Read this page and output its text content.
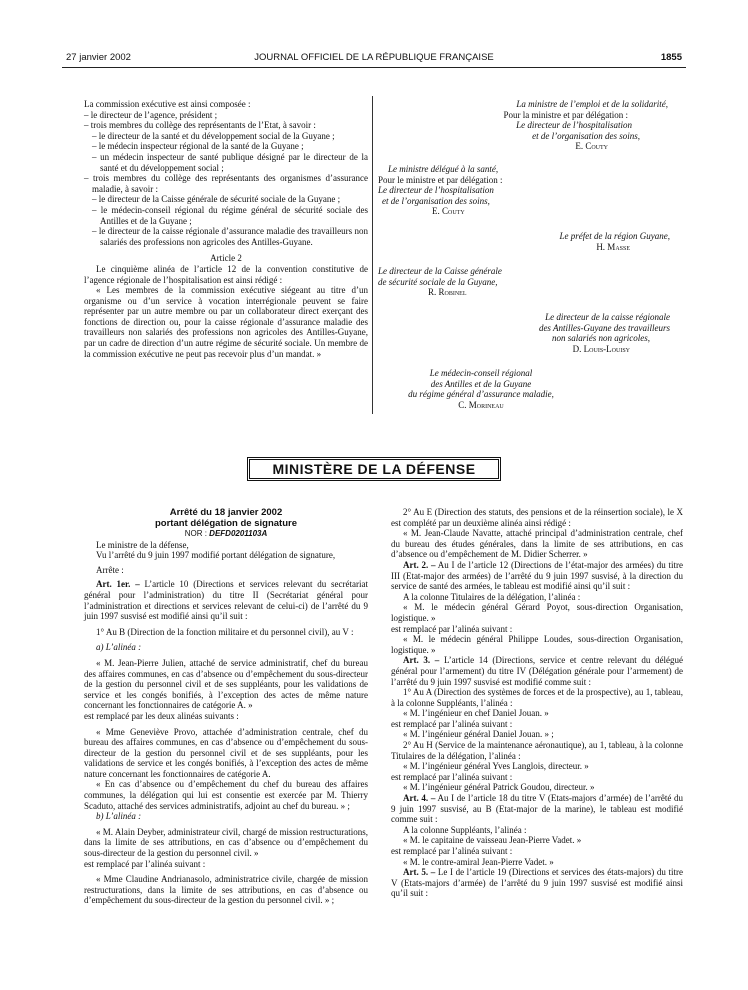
27 janvier 2002	JOURNAL OFFICIEL DE LA RÉPUBLIQUE FRANÇAISE	1855

La commission exécutive est ainsi composée :

– le directeur de l’agence, président ;

– trois membres du collège des représentants de l’Etat, à savoir :

– le directeur de la santé et du développement social de la Guyane ;

– le médecin inspecteur régional de la santé de la Guyane ;

– un médecin inspecteur de santé publique désigné par le directeur de la santé et du développement social ;

– trois membres du collège des représentants des organismes d’assurance maladie, à savoir :

– le directeur de la Caisse générale de sécurité sociale de la Guyane ;

– le médecin-conseil régional du régime général de sécurité sociale des Antilles et de la Guyane ;

– le directeur de la caisse régionale d’assurance maladie des travailleurs non salariés des professions non agricoles des Antilles-Guyane.

Article 2

Le cinquième alinéa de l’article 12 de la convention constitutive de l’agence régionale de l’hospitalisation est ainsi rédigé :

« Les membres de la commission exécutive siégeant au titre d’un organisme ou d’un service à vocation interrégionale peuvent se faire représenter par un autre membre ou par un collaborateur direct exerçant des fonctions de direction ou, pour la caisse régionale d’assurance maladie des travailleurs non salariés des professions non agricoles des Antilles-Guyane, par un cadre de direction d’un autre régime de sécurité sociale. Un membre de la commission exécutive ne peut pas recevoir plus d’un mandat. »

La ministre de l’emploi et de la solidarité,

Pour la ministre et par délégation :

Le directeur de l’hospitalisation

et de l’organisation des soins,

E. Couty

Le ministre délégué à la santé,

Pour le ministre et par délégation :

Le directeur de l’hospitalisation

et de l’organisation des soins,

E. Couty

Le préfet de la région Guyane,

H. Masse

Le directeur de la Caisse générale

de sécurité sociale de la Guyane,

R. Robinel

Le directeur de la caisse régionale

des Antilles-Guyane des travailleurs

non salariés non agricoles,

D. Louis-Louisy

Le médecin-conseil régional

des Antilles et de la Guyane

du régime général d’assurance maladie,

C. Morineau

MINISTÈRE DE LA DÉFENSE

Arrêté du 18 janvier 2002

portant délégation de signature

NOR : DEFD0201103A

Le ministre de la défense,

Vu l’arrêté du 9 juin 1997 modifié portant délégation de signature,

Arrête :

Art. 1er. – L’article 10 (Directions et services relevant du secrétariat général pour l’administration) du titre II (Secrétariat général pour l’administration et directions et services relevant de celui-ci) de l’arrêté du 9 juin 1997 susvisé est modifié ainsi qu’il suit :

1° Au B (Direction de la fonction militaire et du personnel civil), au V :

a) L’alinéa :

« M. Jean-Pierre Julien, attaché de service administratif, chef du bureau des affaires communes, en cas d’absence ou d’empêchement du sous-directeur de la gestion du personnel civil et de ses suppléants, pour les validations de service et les congés bonifiés, à l’exception des actes de même nature concernant les fonctionnaires de catégorie A. »

est remplacé par les deux alinéas suivants :

« Mme Geneviève Provo, attachée d’administration centrale, chef du bureau des affaires communes, en cas d’absence ou d’empêchement du sous-directeur de la gestion du personnel civil et de ses suppléants, pour les validations de service et les congés bonifiés, à l’exception des actes de même nature concernant les fonctionnaires de catégorie A.

« En cas d’absence ou d’empêchement du chef du bureau des affaires communes, la délégation qui lui est consentie est exercée par M. Thierry Scaduto, attaché des services administratifs, adjoint au chef du bureau. » ;

b) L’alinéa :

« M. Alain Deyber, administrateur civil, chargé de mission restructurations, dans la limite de ses attributions, en cas d’absence ou d’empêchement du sous-directeur de la gestion du personnel civil. »

est remplacé par l’alinéa suivant :

« Mme Claudine Andrianasolo, administratrice civile, chargée de mission restructurations, dans la limite de ses attributions, en cas d’absence ou d’empêchement du sous-directeur de la gestion du personnel civil. » ;

2° Au E (Direction des statuts, des pensions et de la réinsertion sociale), le X est complété par un deuxième alinéa ainsi rédigé :

« M. Jean-Claude Navatte, attaché principal d’administration centrale, chef du bureau des études générales, dans la limite de ses attributions, en cas d’absence ou d’empêchement de M. Didier Scherrer. »

Art. 2. – Au I de l’article 12 (Directions de l’état-major des armées) du titre III (Etat-major des armées) de l’arrêté du 9 juin 1997 susvisé, à la direction du service de santé des armées, le tableau est modifié ainsi qu’il suit :

A la colonne Titulaires de la délégation, l’alinéa :

« M. le médecin général Gérard Poyot, sous-direction Organisation, logistique. »

est remplacé par l’alinéa suivant :

« M. le médecin général Philippe Loudes, sous-direction Organisation, logistique. »

Art. 3. – L’article 14 (Directions, service et centre relevant du délégué général pour l’armement) du titre IV (Délégation générale pour l’armement) de l’arrêté du 9 juin 1997 susvisé est modifié comme suit :

1° Au A (Direction des systèmes de forces et de la prospective), au 1, tableau, à la colonne Suppléants, l’alinéa :

« M. l’ingénieur en chef Daniel Jouan. »

est remplacé par l’alinéa suivant :

« M. l’ingénieur général Daniel Jouan. » ;

2° Au H (Service de la maintenance aéronautique), au 1, tableau, à la colonne Titulaires de la délégation, l’alinéa :

« M. l’ingénieur général Yves Langlois, directeur. »

est remplacé par l’alinéa suivant :

« M. l’ingénieur général Patrick Goudou, directeur. »

Art. 4. – Au I de l’article 18 du titre V (Etats-majors d’armée) de l’arrêté du 9 juin 1997 susvisé, au B (Etat-major de la marine), le tableau est modifié comme suit :

A la colonne Suppléants, l’alinéa :

« M. le capitaine de vaisseau Jean-Pierre Vadet. »

est remplacé par l’alinéa suivant :

« M. le contre-amiral Jean-Pierre Vadet. »

Art. 5. – Le I de l’article 19 (Directions et services des états-majors) du titre V (Etats-majors d’armée) de l’arrêté du 9 juin 1997 susvisé est modifié ainsi qu’il suit :
